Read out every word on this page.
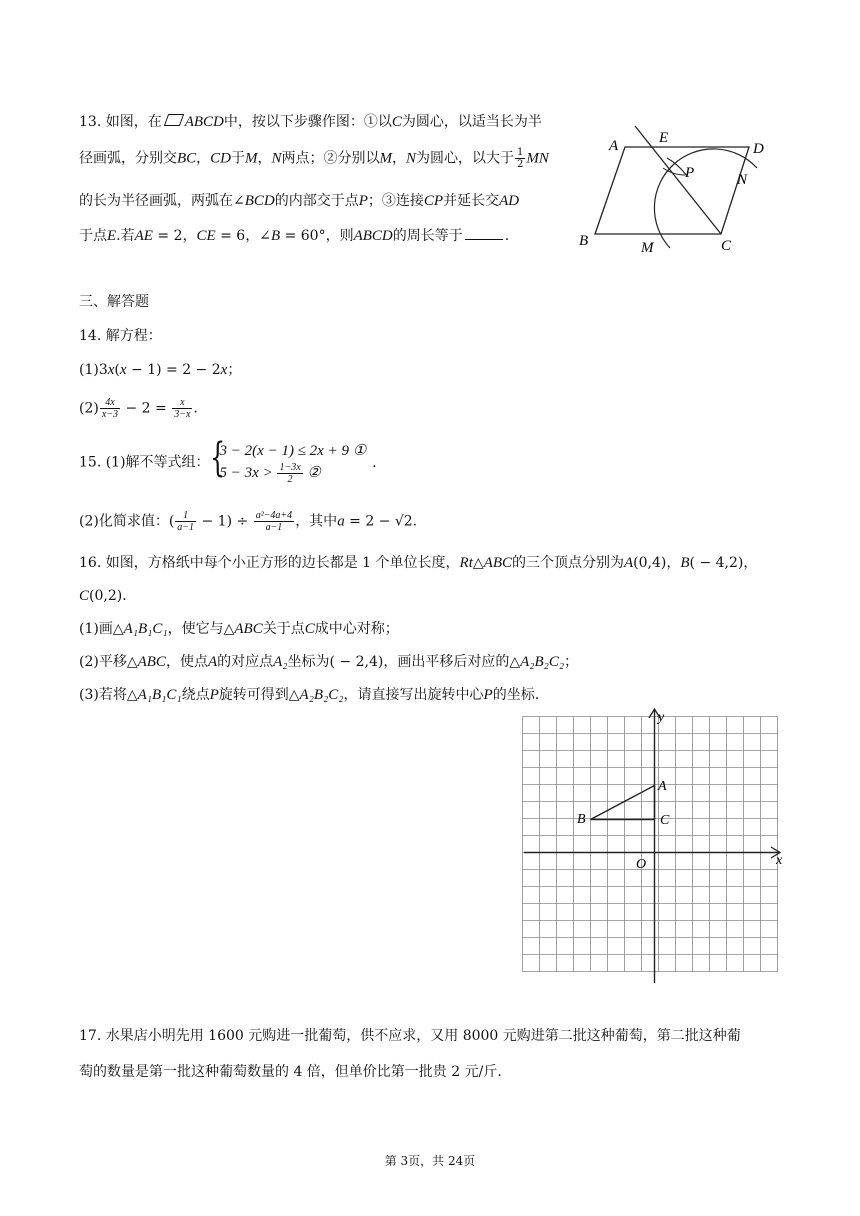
13. 如图，在 ABCD中，按以下步骤作图：①以C为圆心，以适当长为半
径画弧，分别交BC，CD于M，N两点；②分别以M，N为圆心，以大于 $\frac{1}{2}$ MN
的长为半径画弧，两弧在∠BCD的内部交于点P；③连接CP并延长交AD
于点E.若AE = 2，CE = 6，∠B = 60°，则ABCD的周长等于	.
A	E
D
P	N
B	M	C
三、解答题
14. 解方程：
(1)3x(x − 1) = 2 − 2x；
$(2) \frac{4x}{x-3} - 2 = \frac{x}{3-x}$ .
15. (1)解不等式组： {
3 − 2(x − 1) ≤ 2x + 9 ①
$5 - 3x > \frac{1-3x}{2}$ ②
.
(2)化简求值：( $\frac{1}{a-1} - 1) \div \frac{\text{a²−4a+4}}{a-1}$ ，其中a = 2 − √2.
16. 如图，方格纸中每个小正方形的边长都是 1 个单位长度，Rt△ABC的三个顶点分别为A(0,4)，B( − 4,2)，
C(0,2).
(1)画△A₁B₁C₁，使它与△ABC关于点C成中心对称；
(2)平移△ABC，使点A的对应点A₂坐标为( − 2,4)，画出平移后对应的△A₂B₂C₂；
(3)若将△A₁B₁C₁绕点P旋转可得到△A₂B₂C₂，请直接写出旋转中心P的坐标.
y
x
A
B	C
O
17. 水果店小明先用 1600 元购进一批葡萄，供不应求，又用 8000 元购进第二批这种葡萄，第二批这种葡
萄的数量是第一批这种葡萄数量的 4 倍，但单价比第一批贵 2 元/斤.
第 3页，共 24页
